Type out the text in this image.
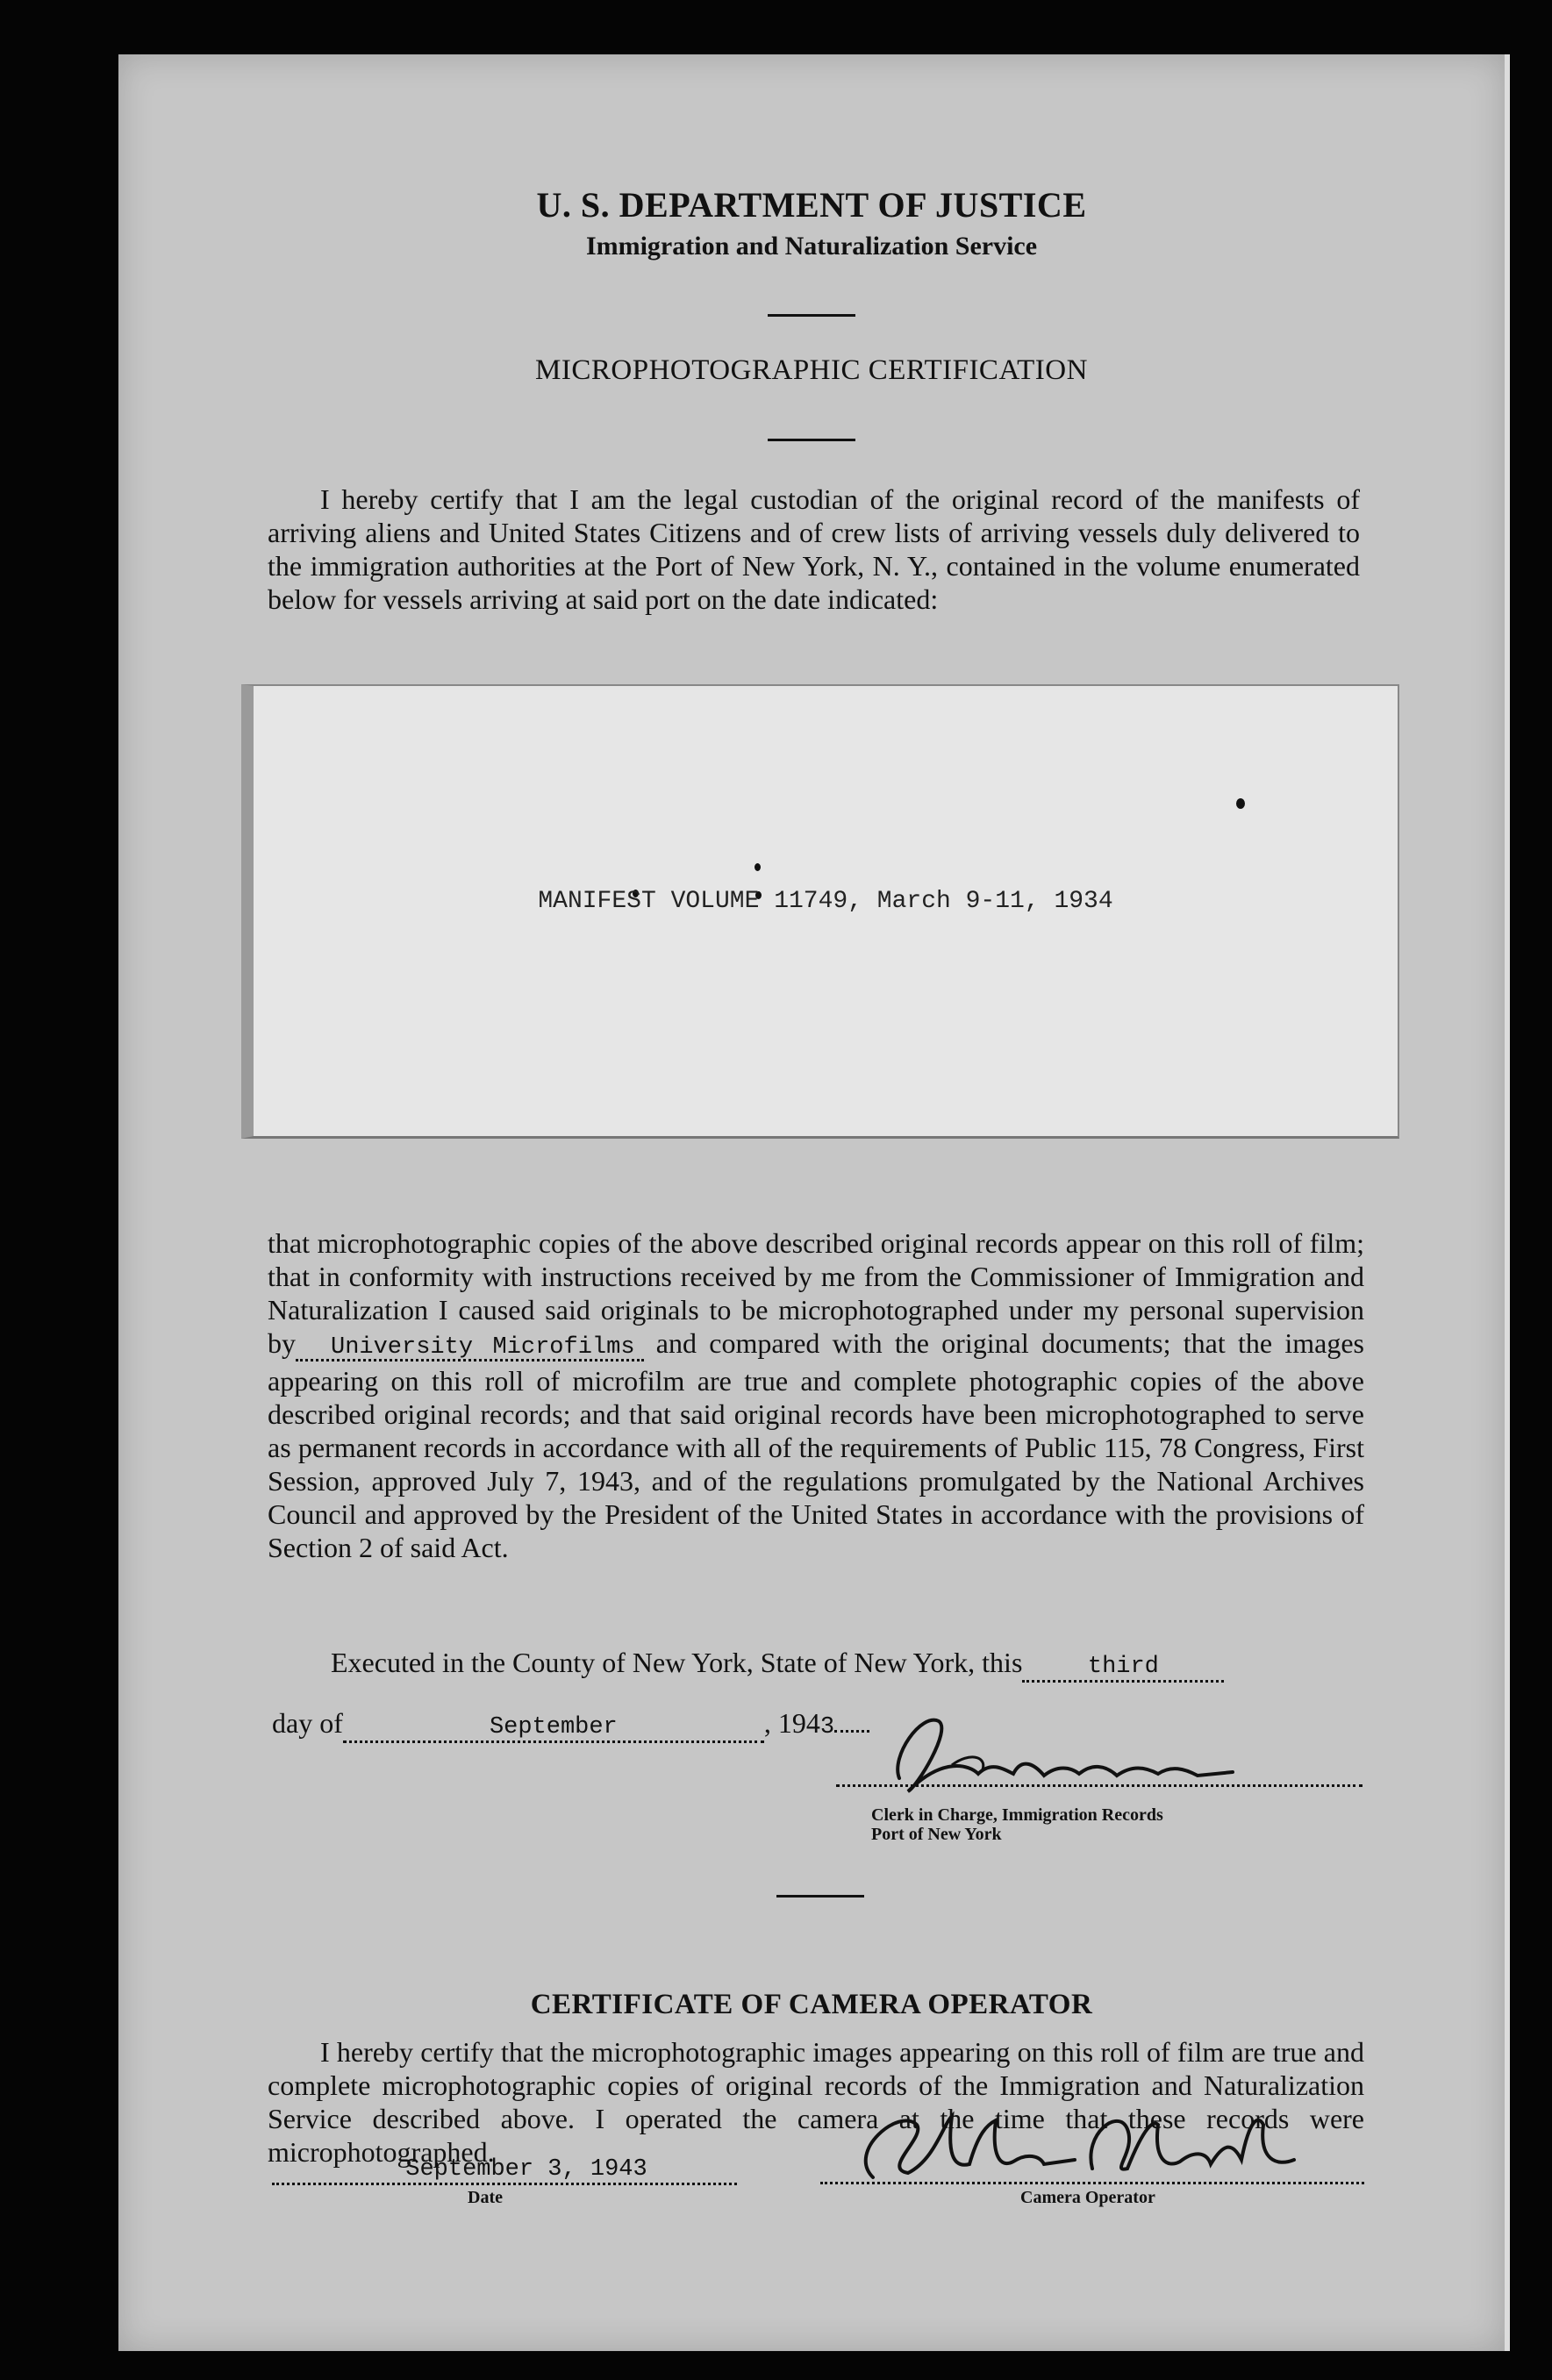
U. S. DEPARTMENT OF JUSTICE
Immigration and Naturalization Service
MICROPHOTOGRAPHIC CERTIFICATION

I hereby certify that I am the legal custodian of the original record of the manifests of arriving aliens and United States Citizens and of crew lists of arriving vessels duly delivered to the immigration authorities at the Port of New York, N. Y., contained in the volume enumerated below for vessels arriving at said port on the date indicated:

MANIFEST VOLUME 11749, March 9-11, 1934

that microphotographic copies of the above described original records appear on this roll of film; that in conformity with instructions received by me from the Commissioner of Immigration and Naturalization I caused said originals to be microphotographed under my personal supervision by University Microfilms and compared with the original documents; that the images appearing on this roll of microfilm are true and complete photographic copies of the above described original records; and that said original records have been microphotographed to serve as permanent records in accordance with all of the requirements of Public 115, 78 Congress, First Session, approved July 7, 1943, and of the regulations promulgated by the National Archives Council and approved by the President of the United States in accordance with the provisions of Section 2 of said Act.

Executed in the County of New York, State of New York, this	third
day of	September	, 1943
Clerk in Charge, Immigration Records
Port of New York
CERTIFICATE OF CAMERA OPERATOR

I hereby certify that the microphotographic images appearing on this roll of film are true and complete microphotographic copies of original records of the Immigration and Naturalization Service described above. I operated the camera at the time that these records were microphotographed.

September 3, 1943
Date	Camera Operator
